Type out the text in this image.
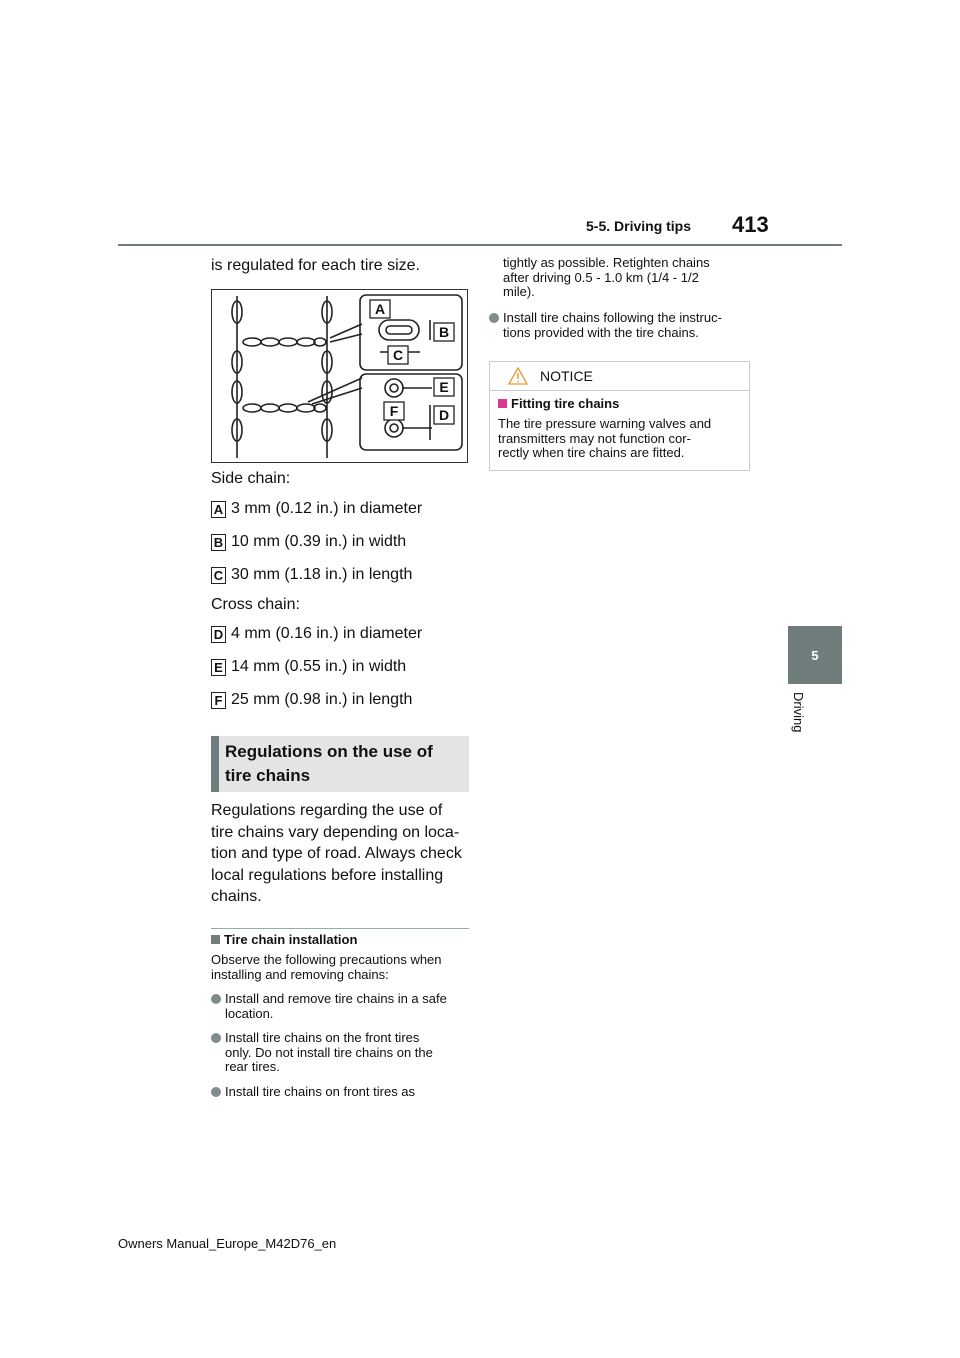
5-5. Driving tips 413
5
Driving
is regulated for each tire size.
A
B
C
E
F	D
Side chain:
A 3 mm (0.12 in.) in diameter
B 10 mm (0.39 in.) in width
C 30 mm (1.18 in.) in length
Cross chain:
D 4 mm (0.16 in.) in diameter
E 14 mm (0.55 in.) in width
F 25 mm (0.98 in.) in length
Regulations on the use of
tire chains
Regulations regarding the use of
tire chains vary depending on loca-
tion and type of road. Always check
local regulations before installing
chains.
Tire chain installation
Observe the following precautions when
installing and removing chains:
Install and remove tire chains in a safe
location.
Install tire chains on the front tires
only. Do not install tire chains on the
rear tires.
Install tire chains on front tires as
tightly as possible. Retighten chains
after driving 0.5 - 1.0 km (1/4 - 1/2
mile).
Install tire chains following the instruc-
tions provided with the tire chains.
NOTICE
Fitting tire chains
The tire pressure warning valves and
transmitters may not function cor-
rectly when tire chains are fitted.
Owners Manual_Europe_M42D76_en
